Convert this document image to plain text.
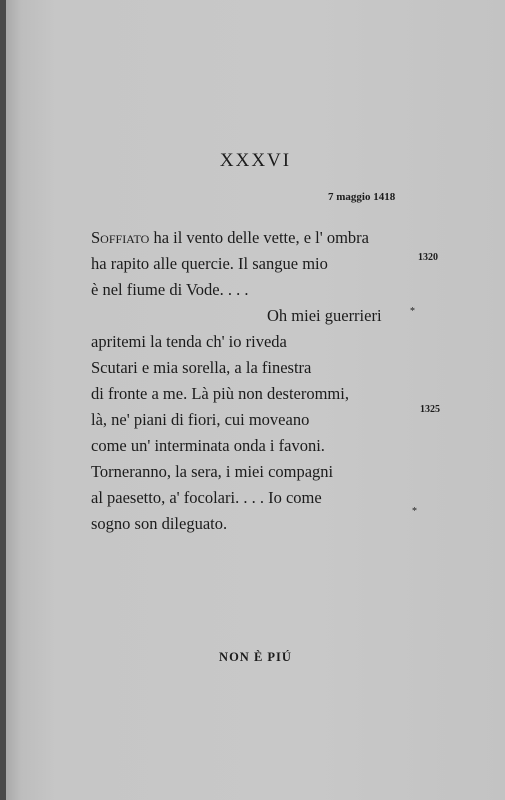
XXXVI
7 maggio 1418
Soffiato ha il vento delle vette, e l' ombra
ha rapito alle quercie. Il sangue mio
è nel fiume di Vode. . . .
Oh miei guerrieri
apritemi la tenda ch' io riveda
Scutari e mia sorella, a la finestra
di fronte a me. Là più non desterommi,
là, ne' piani di fiori, cui moveano
come un' interminata onda i favoni.
Torneranno, la sera, i miei compagni
al paesetto, a' focolari. . . . Io come
sogno son dileguato.
1320
1325
*
*
NON È PIÚ
